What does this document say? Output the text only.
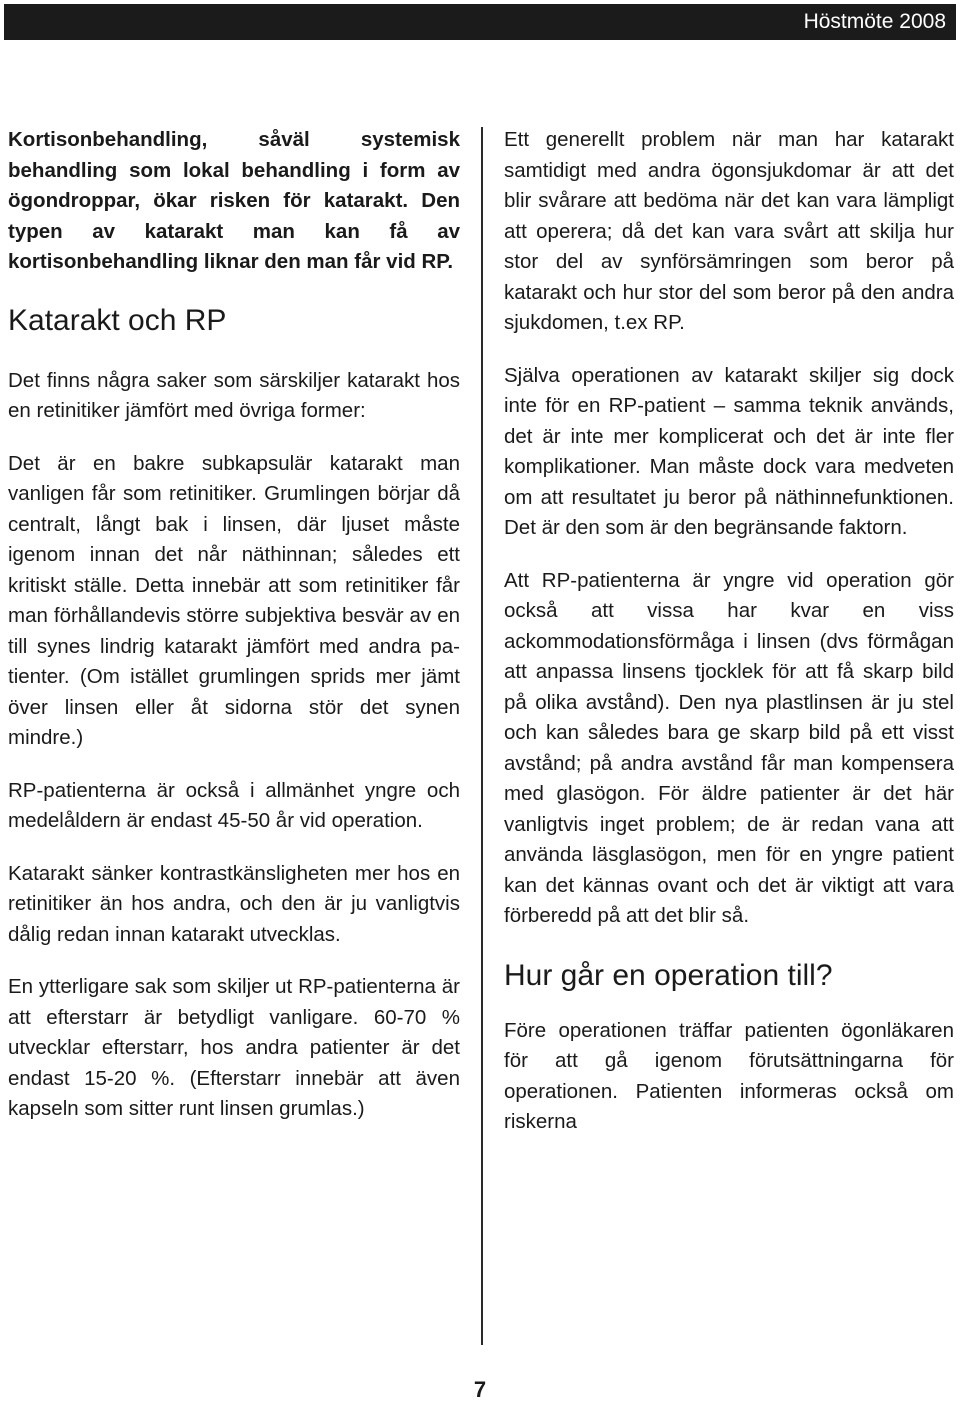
Höstmöte 2008

Kortisonbehandling, såväl systemisk behandling som lokal behandling i form av ögondroppar, ökar risken för katarakt. Den typen av katarakt man kan få av kortisonbehandling liknar den man får vid RP.

Katarakt och RP

Det finns några saker som särskiljer katarakt hos en retinitiker jämfört med övriga former:

Det är en bakre subkapsulär katarakt man vanligen får som retinitiker. Grumlingen börjar då centralt, långt bak i linsen, där ljuset måste igenom innan det når näthinnan; således ett kritiskt ställe. Detta innebär att som retinitiker får man förhållandevis större subjektiva besvär av en till synes lindrig katarakt jämfört med andra patienter. (Om istället grumlingen sprids mer jämt över linsen eller åt sidorna stör det synen mindre.)

RP-patienterna är också i allmänhet yngre och medelåldern är endast 45-50 år vid operation.

Katarakt sänker kontrastkänsligheten mer hos en retinitiker än hos andra, och den är ju vanligtvis dålig redan innan katarakt utvecklas.

En ytterligare sak som skiljer ut RP-patienterna är att efterstarr är betydligt vanligare. 60-70 % utvecklar efterstarr, hos andra patienter är det endast 15-20 %. (Efterstarr innebär att även kapseln som sitter runt linsen grumlas.)

Ett generellt problem när man har katarakt samtidigt med andra ögonsjukdomar är att det blir svårare att bedöma när det kan vara lämpligt att operera; då det kan vara svårt att skilja hur stor del av synförsämringen som beror på katarakt och hur stor del som beror på den andra sjukdomen, t.ex RP.

Själva operationen av katarakt skiljer sig dock inte för en RP-patient – samma teknik används, det är inte mer komplicerat och det är inte fler komplikationer. Man måste dock vara medveten om att resultatet ju beror på näthinnefunktionen. Det är den som är den begränsande faktorn.

Att RP-patienterna är yngre vid operation gör också att vissa har kvar en viss ackommodationsförmåga i linsen (dvs förmågan att anpassa linsens tjocklek för att få skarp bild på olika avstånd). Den nya plastlinsen är ju stel och kan således bara ge skarp bild på ett visst avstånd; på andra avstånd får man kompensera med glasögon. För äldre patienter är det här vanligtvis inget problem; de är redan vana att använda läsglasögon, men för en yngre patient kan det kännas ovant och det är viktigt att vara förberedd på att det blir så.

Hur går en operation till?

Före operationen träffar patienten ögonläkaren för att gå igenom förutsättningarna för operationen. Patienten informeras också om riskerna

7
